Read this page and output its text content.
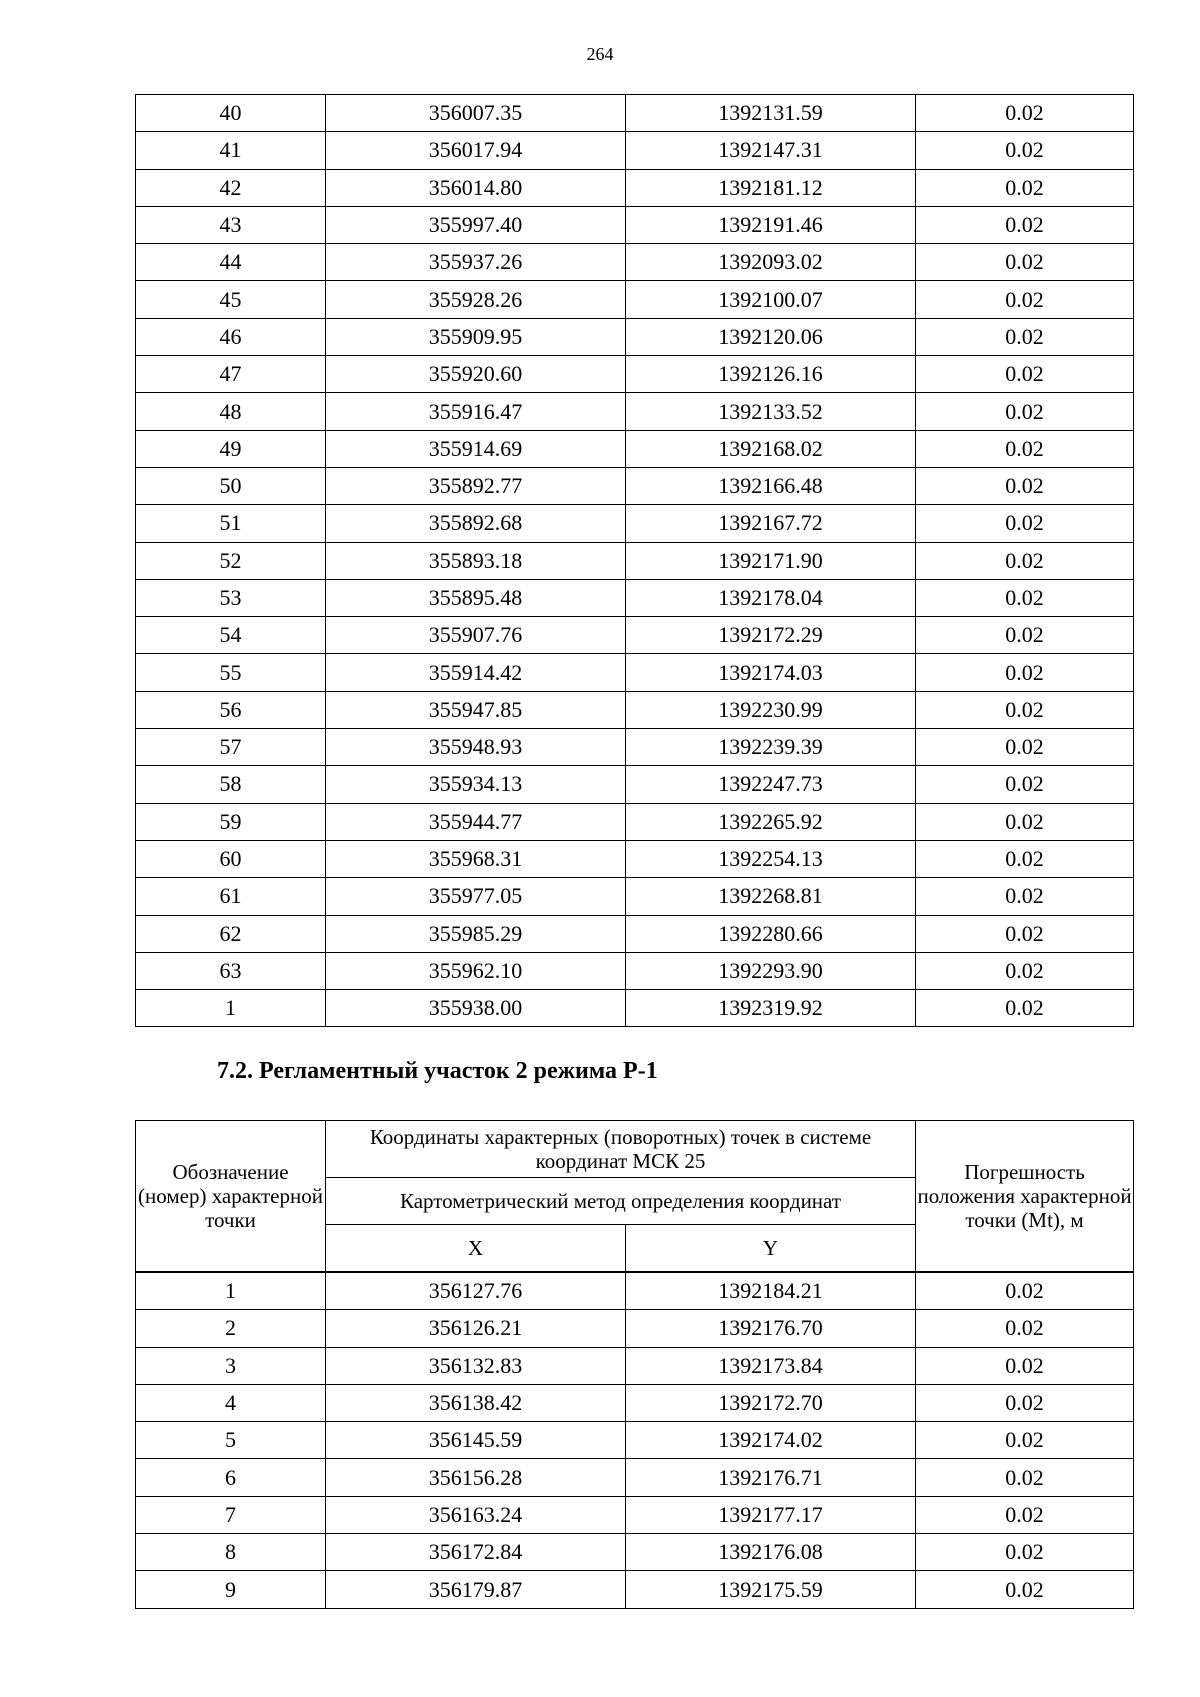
264
40	356007.35	1392131.59	0.02
41	356017.94	1392147.31	0.02
42	356014.80	1392181.12	0.02
43	355997.40	1392191.46	0.02
44	355937.26	1392093.02	0.02
45	355928.26	1392100.07	0.02
46	355909.95	1392120.06	0.02
47	355920.60	1392126.16	0.02
48	355916.47	1392133.52	0.02
49	355914.69	1392168.02	0.02
50	355892.77	1392166.48	0.02
51	355892.68	1392167.72	0.02
52	355893.18	1392171.90	0.02
53	355895.48	1392178.04	0.02
54	355907.76	1392172.29	0.02
55	355914.42	1392174.03	0.02
56	355947.85	1392230.99	0.02
57	355948.93	1392239.39	0.02
58	355934.13	1392247.73	0.02
59	355944.77	1392265.92	0.02
60	355968.31	1392254.13	0.02
61	355977.05	1392268.81	0.02
62	355985.29	1392280.66	0.02
63	355962.10	1392293.90	0.02
1	355938.00	1392319.92	0.02
7.2. Регламентный участок 2 режима Р-1
Обозначение (номер) характерной точки	Координаты характерных (поворотных) точек в системе координат МСК 25		Погрешность положения характерной точки (Mt), м
	Картометрический метод определения координат		
	X	Y	
1	356127.76	1392184.21	0.02
2	356126.21	1392176.70	0.02
3	356132.83	1392173.84	0.02
4	356138.42	1392172.70	0.02
5	356145.59	1392174.02	0.02
6	356156.28	1392176.71	0.02
7	356163.24	1392177.17	0.02
8	356172.84	1392176.08	0.02
9	356179.87	1392175.59	0.02
